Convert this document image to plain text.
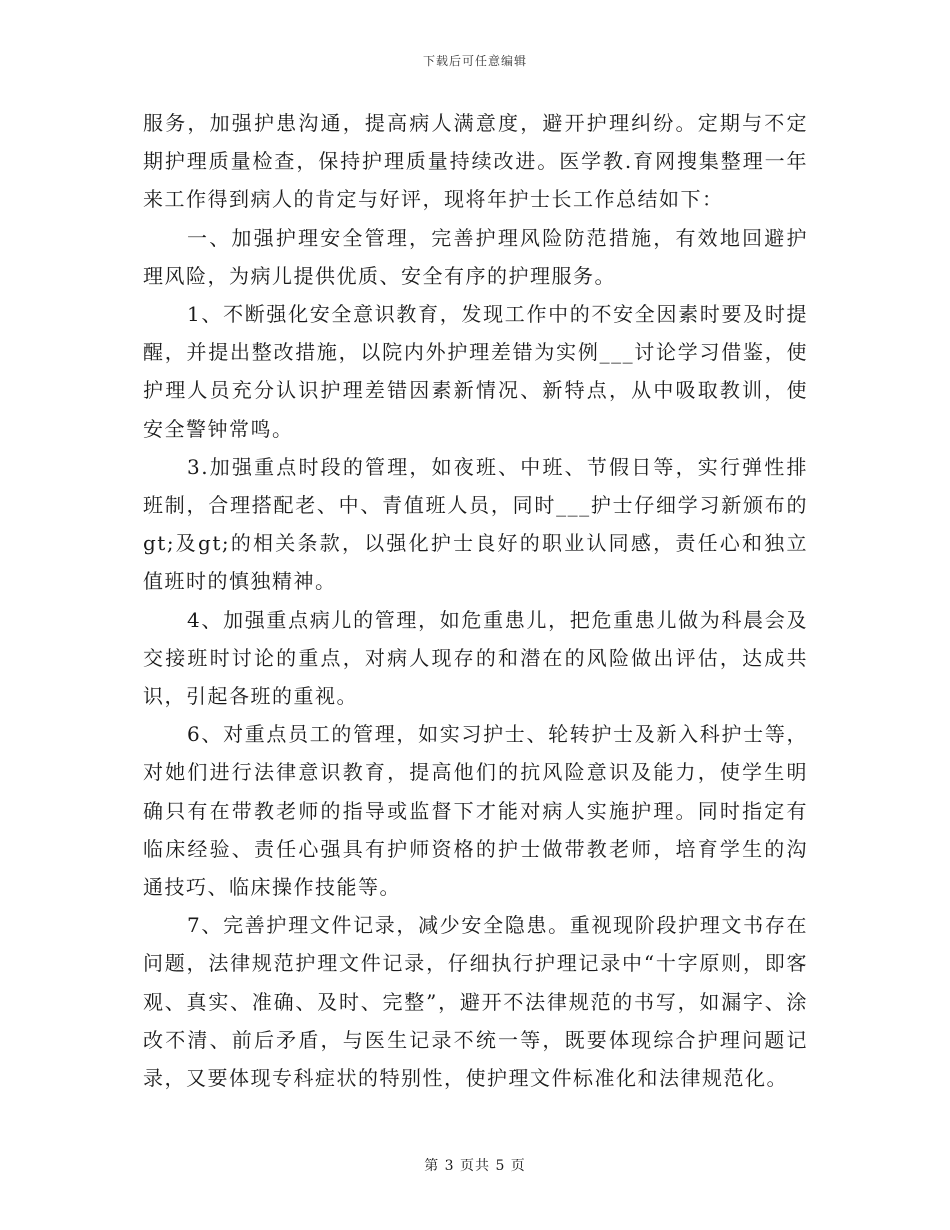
下载后可任意编辑

服务，加强护患沟通，提高病人满意度，避开护理纠纷。定期与不定期护理质量检查，保持护理质量持续改进。医学教.育网搜集整理一年来工作得到病人的肯定与好评，现将年护士长工作总结如下：

一、加强护理安全管理，完善护理风险防范措施，有效地回避护理风险，为病儿提供优质、安全有序的护理服务。

1、不断强化安全意识教育，发现工作中的不安全因素时要及时提醒，并提出整改措施，以院内外护理差错为实例___讨论学习借鉴，使护理人员充分认识护理差错因素新情况、新特点，从中吸取教训，使安全警钟常鸣。

3.加强重点时段的管理，如夜班、中班、节假日等，实行弹性排班制，合理搭配老、中、青值班人员，同时___护士仔细学习新颁布的gt;及gt;的相关条款，以强化护士良好的职业认同感，责任心和独立值班时的慎独精神。

4、加强重点病儿的管理，如危重患儿，把危重患儿做为科晨会及交接班时讨论的重点，对病人现存的和潜在的风险做出评估，达成共识，引起各班的重视。

6、对重点员工的管理，如实习护士、轮转护士及新入科护士等，对她们进行法律意识教育，提高他们的抗风险意识及能力，使学生明确只有在带教老师的指导或监督下才能对病人实施护理。同时指定有临床经验、责任心强具有护师资格的护士做带教老师，培育学生的沟通技巧、临床操作技能等。

7、完善护理文件记录，减少安全隐患。重视现阶段护理文书存在问题，法律规范护理文件记录，仔细执行护理记录中“十字原则，即客观、真实、准确、及时、完整”，避开不法律规范的书写，如漏字、涂改不清、前后矛盾，与医生记录不统一等，既要体现综合护理问题记录，又要体现专科症状的特别性，使护理文件标准化和法律规范化。

第 3 页共 5 页
